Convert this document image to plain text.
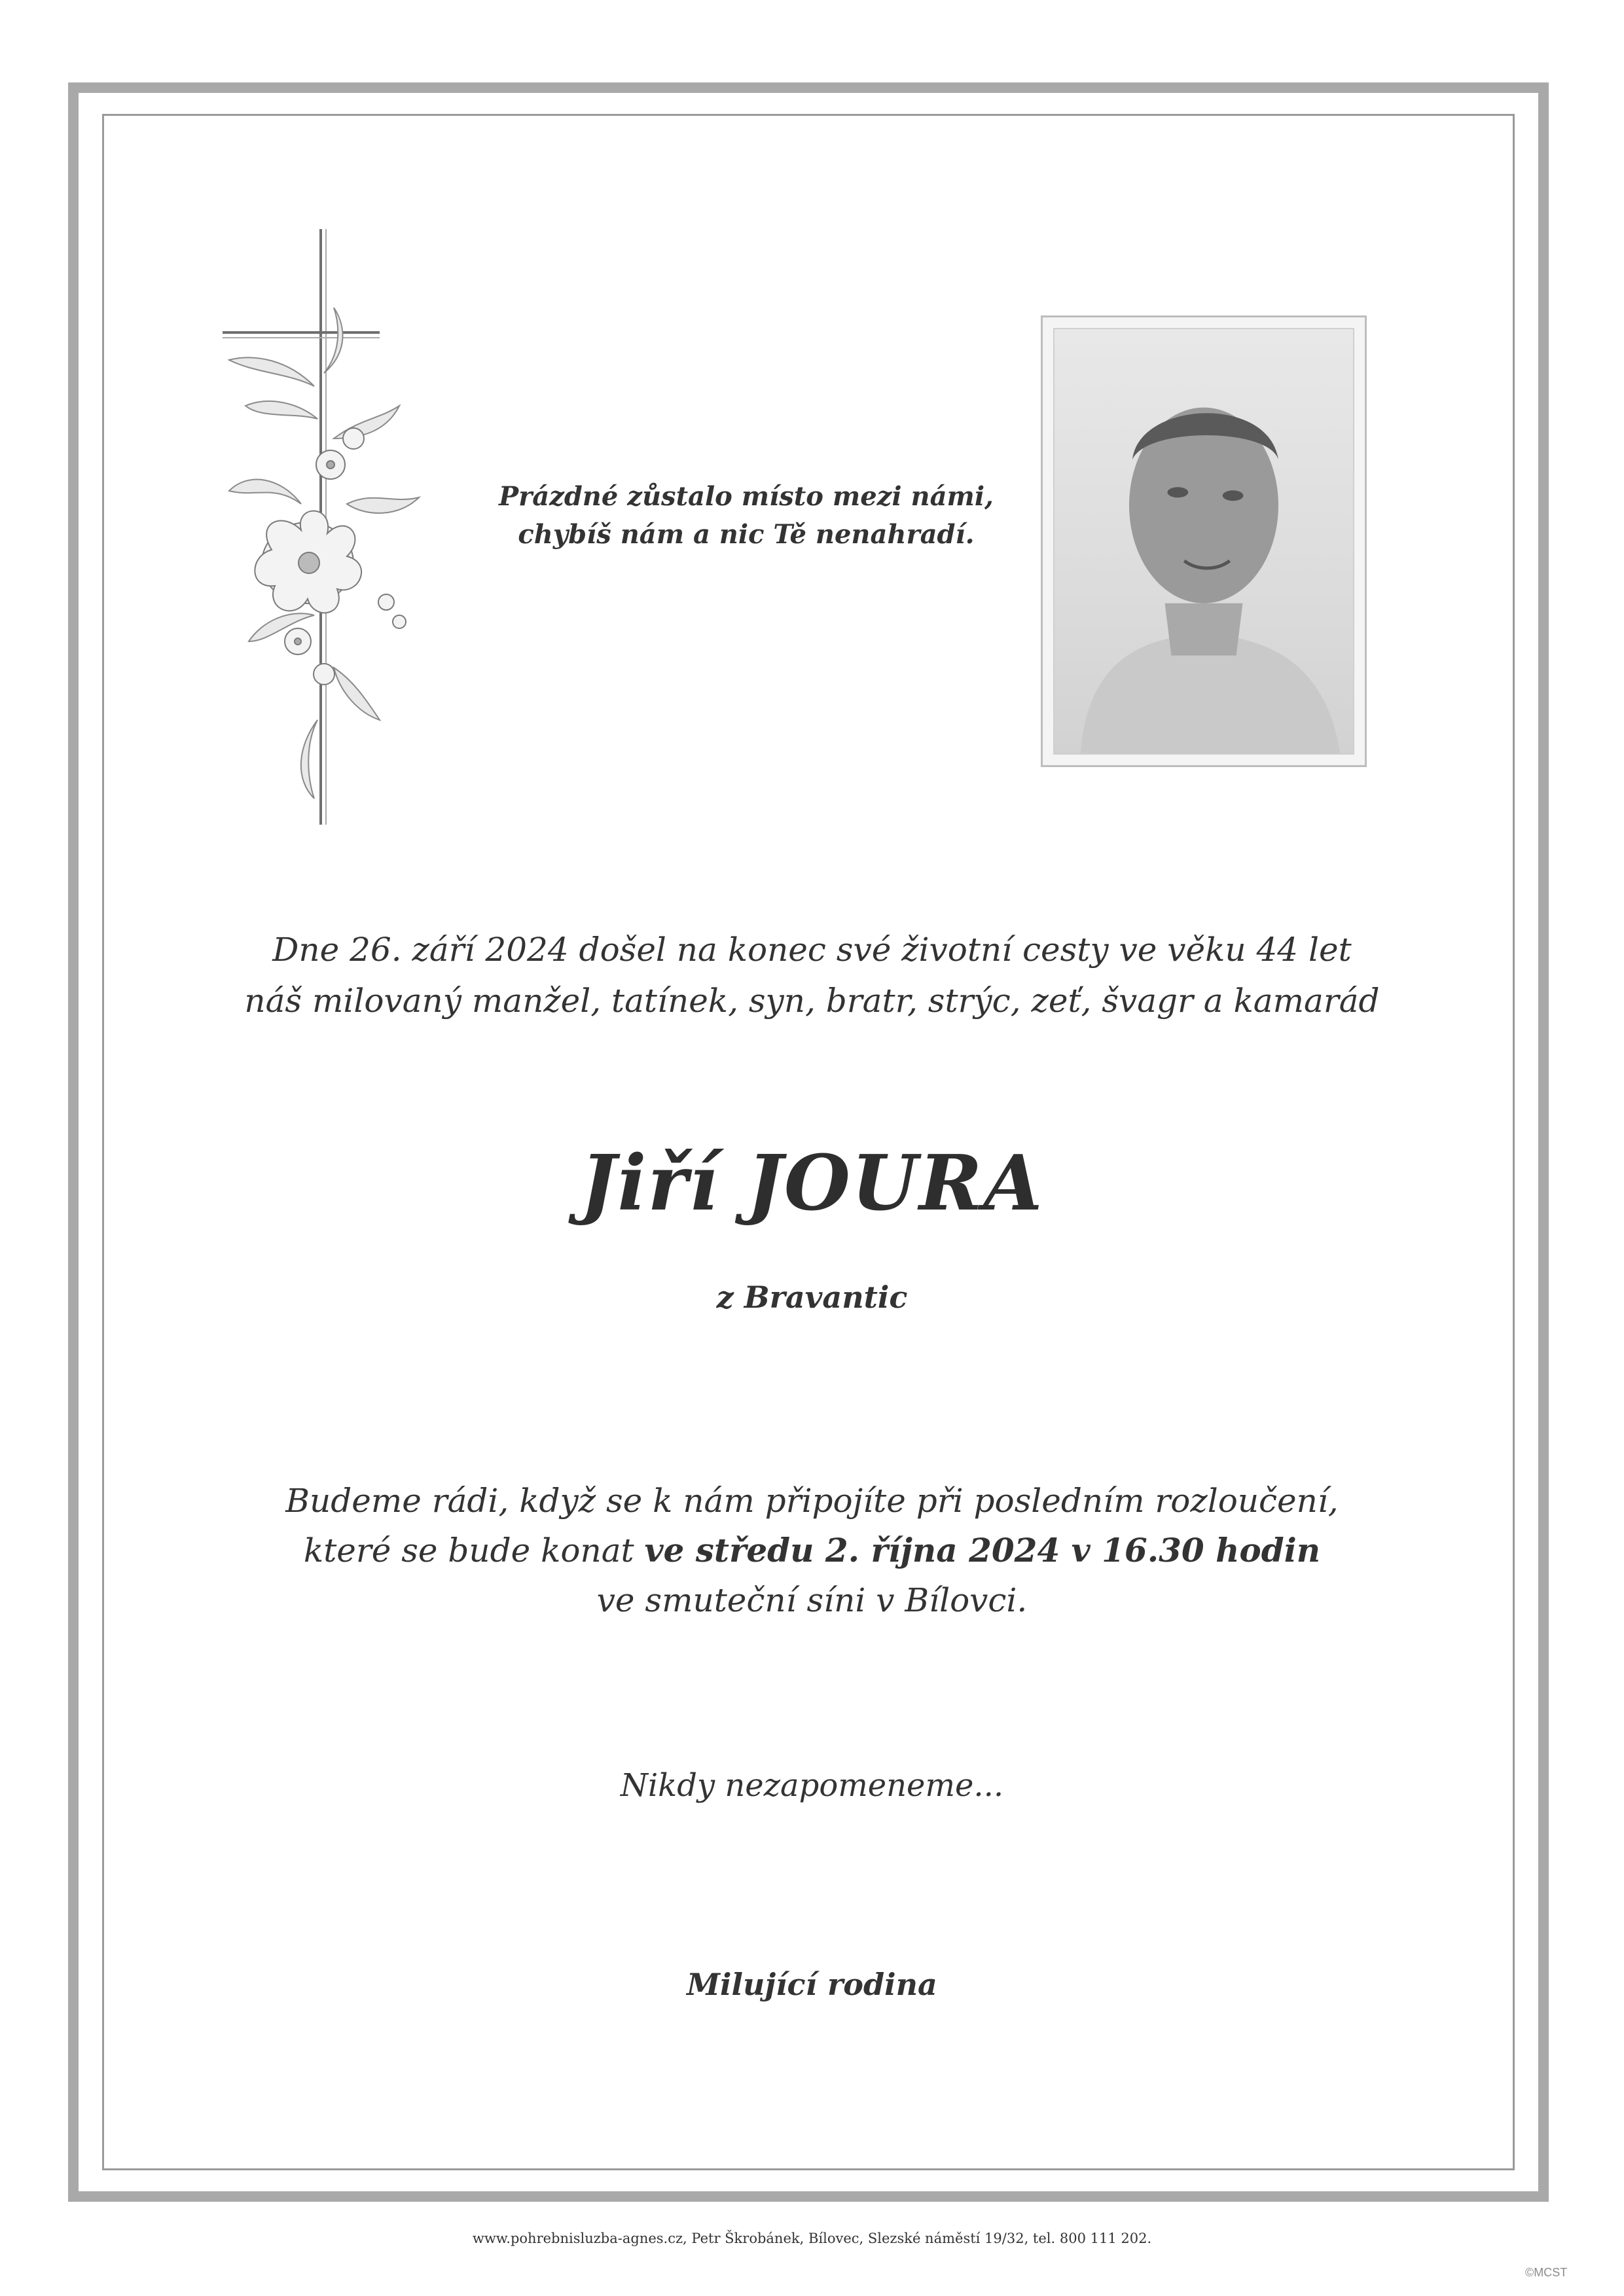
Prázdné zůstalo místo mezi námi,
chybíš nám a nic Tě nenahradí.
Dne 26. září 2024 došel na konec své životní cesty ve věku 44 let
náš milovaný manžel, tatínek, syn, bratr, strýc, zeť, švagr a kamarád
Jiří JOURA
z Bravantic
Budeme rádi, když se k nám připojíte při posledním rozloučení,
které se bude konat ve středu 2. října 2024 v 16.30 hodin
ve smuteční síni v Bílovci.
Nikdy nezapomeneme...
Milující rodina
www.pohrebnisluzba-agnes.cz, Petr Škrobánek, Bílovec, Slezské náměstí 19/32, tel. 800 111 202.
©MCST
